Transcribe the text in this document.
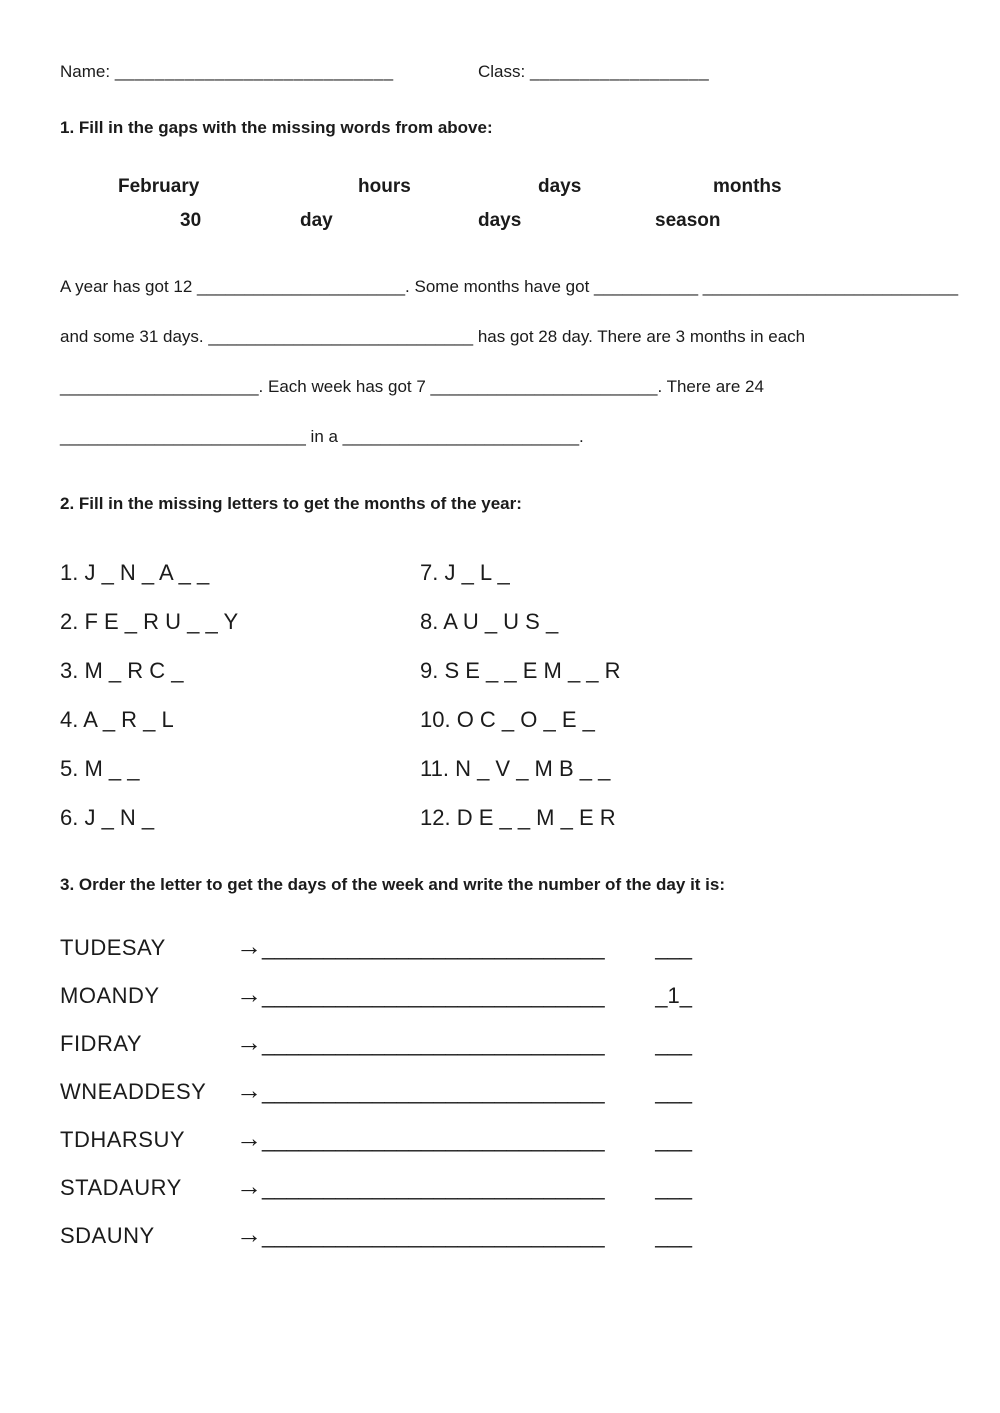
Name: ____________________________	Class: __________________
1. Fill in the gaps with the missing words from above:
February	hours	days	months
30	day	days	season
A year has got 12 ______________________. Some months have got ___________ ___________________________
and some 31 days. ____________________________ has got 28 day. There are 3 months in each
_____________________. Each week has got 7 ________________________. There are 24
__________________________ in a _________________________.
2. Fill in the missing letters to get the months of the year:
1. J _ N _ A _ _
2. F E _ R U _ _ Y
3. M _ R C _
4. A _ R _ L
5. M _ _
6. J _ N _
7. J _ L _
8. A U _ U S _
9. S E _ _ E M _ _ R
10. O C _ O _ E _
11. N _ V _ M B _ _
12. D E _ _ M _ E R
3. Order the letter to get the days of the week and write the number of the day it is:
TUDESAY	→ ____________________________	___
MOANDY	→ ____________________________	_1_
FIDRAY	→ ____________________________	___
WNEADDESY	→ ____________________________	___
TDHARSUY	→ ____________________________	___
STADAURY	→ ____________________________	___
SDAUNY	→ ____________________________	___
